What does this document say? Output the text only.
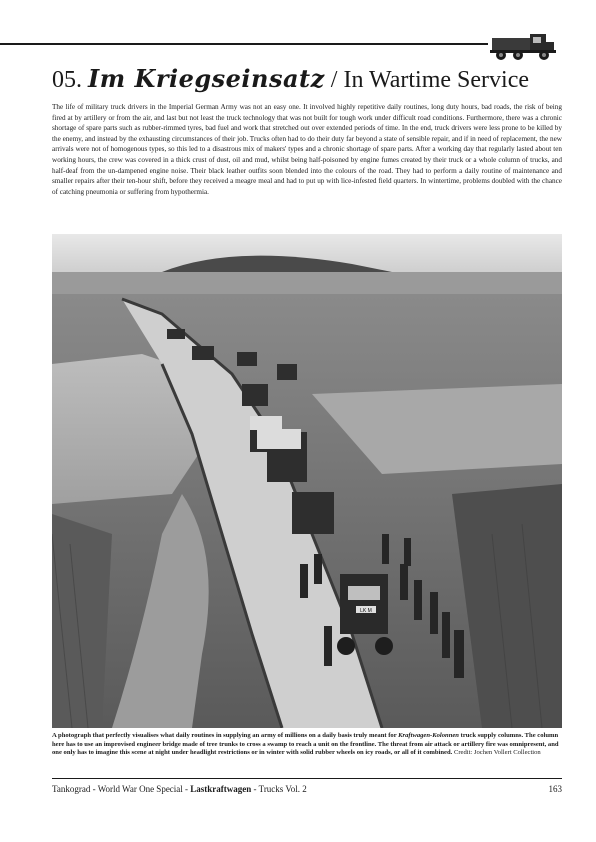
05. Im Kriegseinsatz / In Wartime Service

The life of military truck drivers in the Imperial German Army was not an easy one. It involved highly repetitive daily routines, long duty hours, bad roads, the risk of being fired at by artillery or from the air, and last but not least the truck technology that was not built for tough work under difficult road conditions. Furthermore, there was a chronic shortage of spare parts such as rubber-rimmed tyres, bad fuel and work that stretched out over extended periods of time. In the end, truck drivers were less prone to be killed by the enemy, and instead by the exhausting circumstances of their job. Trucks often had to do their duty far beyond a state of sensible repair, and if in need of replacement, the new arrivals were not of homogenous types, so this led to a disastrous mix of makers' types and a chronic shortage of spare parts. After a working day that regularly lasted about ten working hours, the crew was covered in a thick crust of dust, oil and mud, whilst being half-poisoned by engine fumes created by their truck or a whole column of trucks, and half-deaf from the un-dampened engine noise. Their black leather outfits soon blended into the colours of the road. They had to perform a daily routine of maintenance and smaller repairs after their ten-hour shift, before they received a meagre meal and had to put up with lice-infested field quarters. In wintertime, problems doubled with the chance of catching pneumonia or suffering from hypothermia.

LK M

A photograph that perfectly visualises what daily routines in supplying an army of millions on a daily basis truly meant for Kraftwagen-Kolonnen truck supply columns. The column here has to use an improvised engineer bridge made of tree trunks to cross a swamp to reach a unit on the frontline. The threat from air attack or artillery fire was omnipresent, and one only has to imagine this scene at night under headlight restrictions or in winter with solid rubber wheels on icy roads, or all of it combined. Credit: Jochen Vollert Collection

Tankograd - World War One Special - Lastkraftwagen - Trucks Vol. 2	163
